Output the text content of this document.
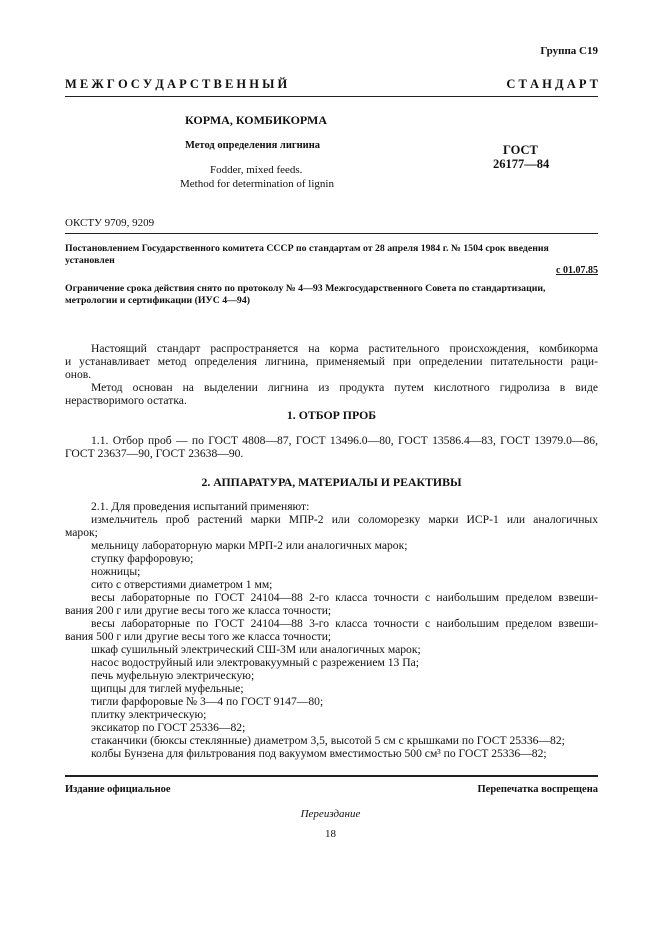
Группа С19
М Е Ж Г О С У Д А Р С Т В Е Н Н Ы Й	С Т А Н Д А Р Т
КОРМА, КОМБИКОРМА
Метод определения лигнина
Fodder, mixed feeds.
Method for determination of lignin
ГОСТ
26177—84
ОКСТУ 9709, 9209
Постановлением Государственного комитета СССР по стандартам от 28 апреля 1984 г. № 1504 срок введения
установлен
с 01.07.85
Ограничение срока действия снято по протоколу № 4—93 Межгосударственного Совета по стандартизации,
метрологии и сертификации (ИУС 4—94)
Настоящий стандарт распространяется на корма растительного происхождения, комбикорма
и устанавливает метод определения лигнина, применяемый при определении питательности раци-
онов.
Метод основан на выделении лигнина из продукта путем кислотного гидролиза в виде
нерастворимого остатка.
1. ОТБОР ПРОБ
1.1. Отбор проб — по ГОСТ 4808—87, ГОСТ 13496.0—80, ГОСТ 13586.4—83, ГОСТ 13979.0—86,
ГОСТ 23637—90, ГОСТ 23638—90.
2. АППАРАТУРА, МАТЕРИАЛЫ И РЕАКТИВЫ
2.1. Для проведения испытаний применяют:
измельчитель проб растений марки МПР-2 или соломорезку марки ИСР-1 или аналогичных
марок;
мельницу лабораторную марки МРП-2 или аналогичных марок;
ступку фарфоровую;
ножницы;
сито с отверстиями диаметром 1 мм;
весы лабораторные по ГОСТ 24104—88 2-го класса точности с наибольшим пределом взвеши-
вания 200 г или другие весы того же класса точности;
весы лабораторные по ГОСТ 24104—88 3-го класса точности с наибольшим пределом взвеши-
вания 500 г или другие весы того же класса точности;
шкаф сушильный электрический СШ-3М или аналогичных марок;
насос водоструйный или электровакуумный с разрежением 13 Па;
печь муфельную электрическую;
щипцы для тиглей муфельные;
тигли фарфоровые № 3—4 по ГОСТ 9147—80;
плитку электрическую;
эксикатор по ГОСТ 25336—82;
стаканчики (бюксы стеклянные) диаметром 3,5, высотой 5 см с крышками по ГОСТ 25336—82;
колбы Бунзена для фильтрования под вакуумом вместимостью 500 см³ по ГОСТ 25336—82;
Издание официальное	Перепечатка воспрещена
Переиздание
18
